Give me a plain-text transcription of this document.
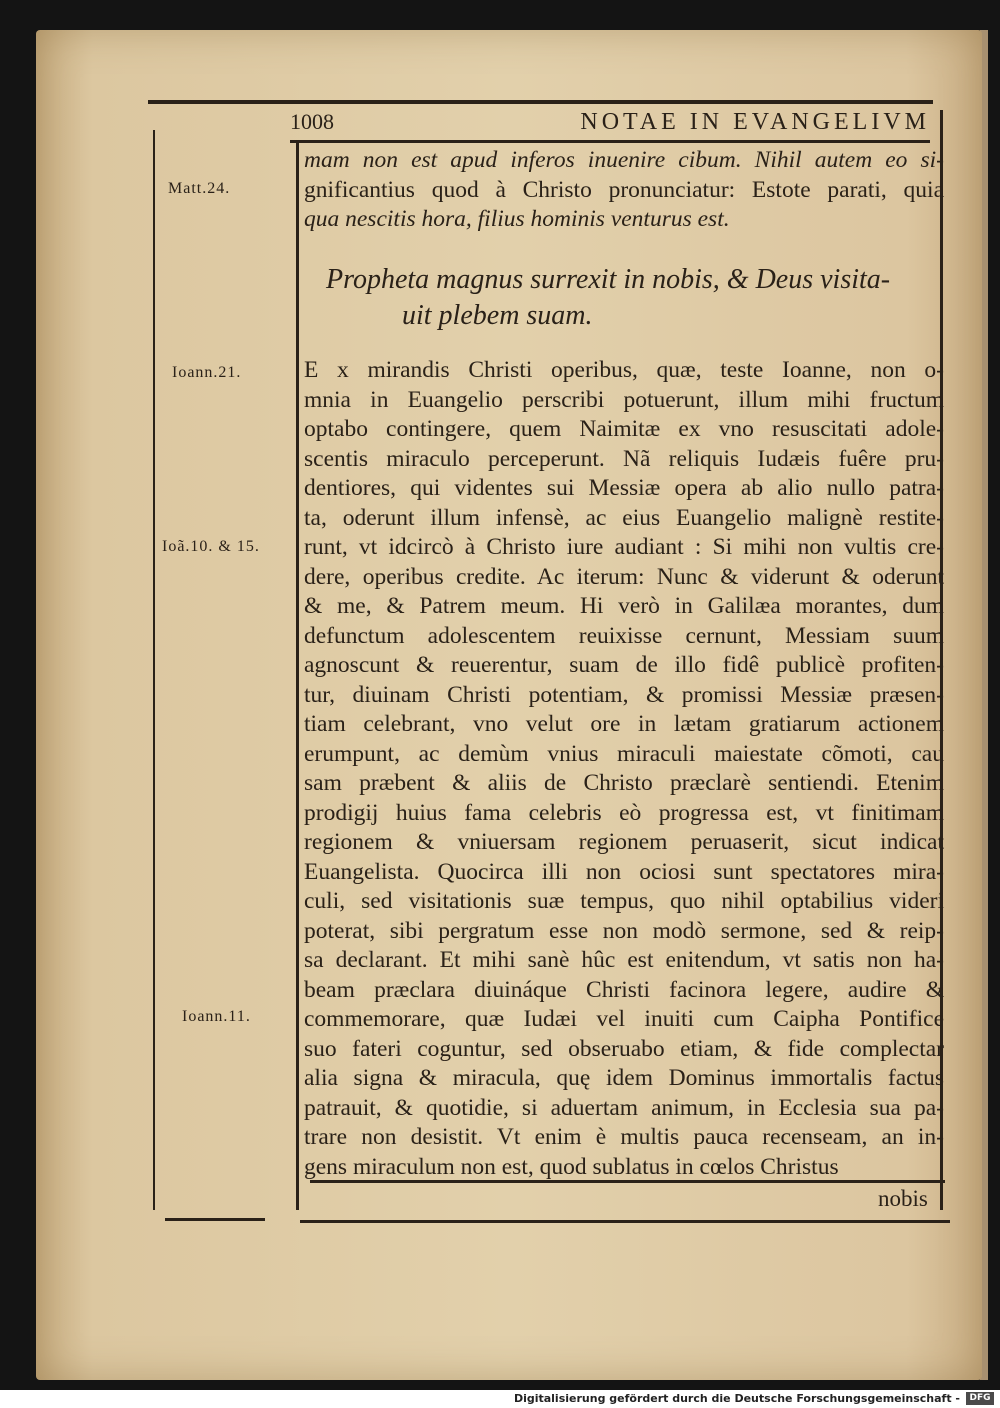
1008	NOTAE IN EVANGELIVM
Matt.24.
Ioann.21.
Ioã.10. & 15.
Ioann.11.
mam non est apud inferos inuenire cibum. Nihil autem eo si-
gnificantius quod à Christo pronunciatur: Estote parati, quia
qua nescitis hora, filius hominis venturus est.
Propheta magnus surrexit in nobis, & Deus visita-
uit plebem suam.
E x mirandis Christi operibus, quæ, teste Ioanne, non o-
mnia in Euangelio perscribi potuerunt, illum mihi fructum
optabo contingere, quem Naimitæ ex vno resuscitati adole-
scentis miraculo perceperunt. Nã reliquis Iudæis fuêre pru-
dentiores, qui videntes sui Messiæ opera ab alio nullo patra-
ta, oderunt illum infensè, ac eius Euangelio malignè restite-
runt, vt idcircò à Christo iure audiant : Si mihi non vultis cre-
dere, operibus credite. Ac iterum: Nunc & viderunt & oderunt
& me, & Patrem meum. Hi verò in Galilæa morantes, dum
defunctum adolescentem reuixisse cernunt, Messiam suum
agnoscunt & reuerentur, suam de illo fidê publicè profiten-
tur, diuinam Christi potentiam, & promissi Messiæ præsen-
tiam celebrant, vno velut ore in lætam gratiarum actionem
erumpunt, ac demùm vnius miraculi maiestate cõmoti, cau
sam præbent & aliis de Christo præclarè sentiendi. Etenim
prodigij huius fama celebris eò progressa est, vt finitimam
regionem & vniuersam regionem peruaserit, sicut indicat
Euangelista. Quocirca illi non ociosi sunt spectatores mira-
culi, sed visitationis suæ tempus, quo nihil optabilius videri
poterat, sibi pergratum esse non modò sermone, sed & reip-
sa declarant. Et mihi sanè hûc est enitendum, vt satis non ha-
beam præclara diuináque Christi facinora legere, audire &
commemorare, quæ Iudæi vel inuiti cum Caipha Pontifice
suo fateri coguntur, sed obseruabo etiam, & fide complectar
alia signa & miracula, quę idem Dominus immortalis factus
patrauit, & quotidie, si aduertam animum, in Ecclesia sua pa-
trare non desistit. Vt enim è multis pauca recenseam, an in-
gens miraculum non est, quod sublatus in cœlos Christus
nobis
Digitalisierung gefördert durch die Deutsche Forschungsgemeinschaft -	DFG
